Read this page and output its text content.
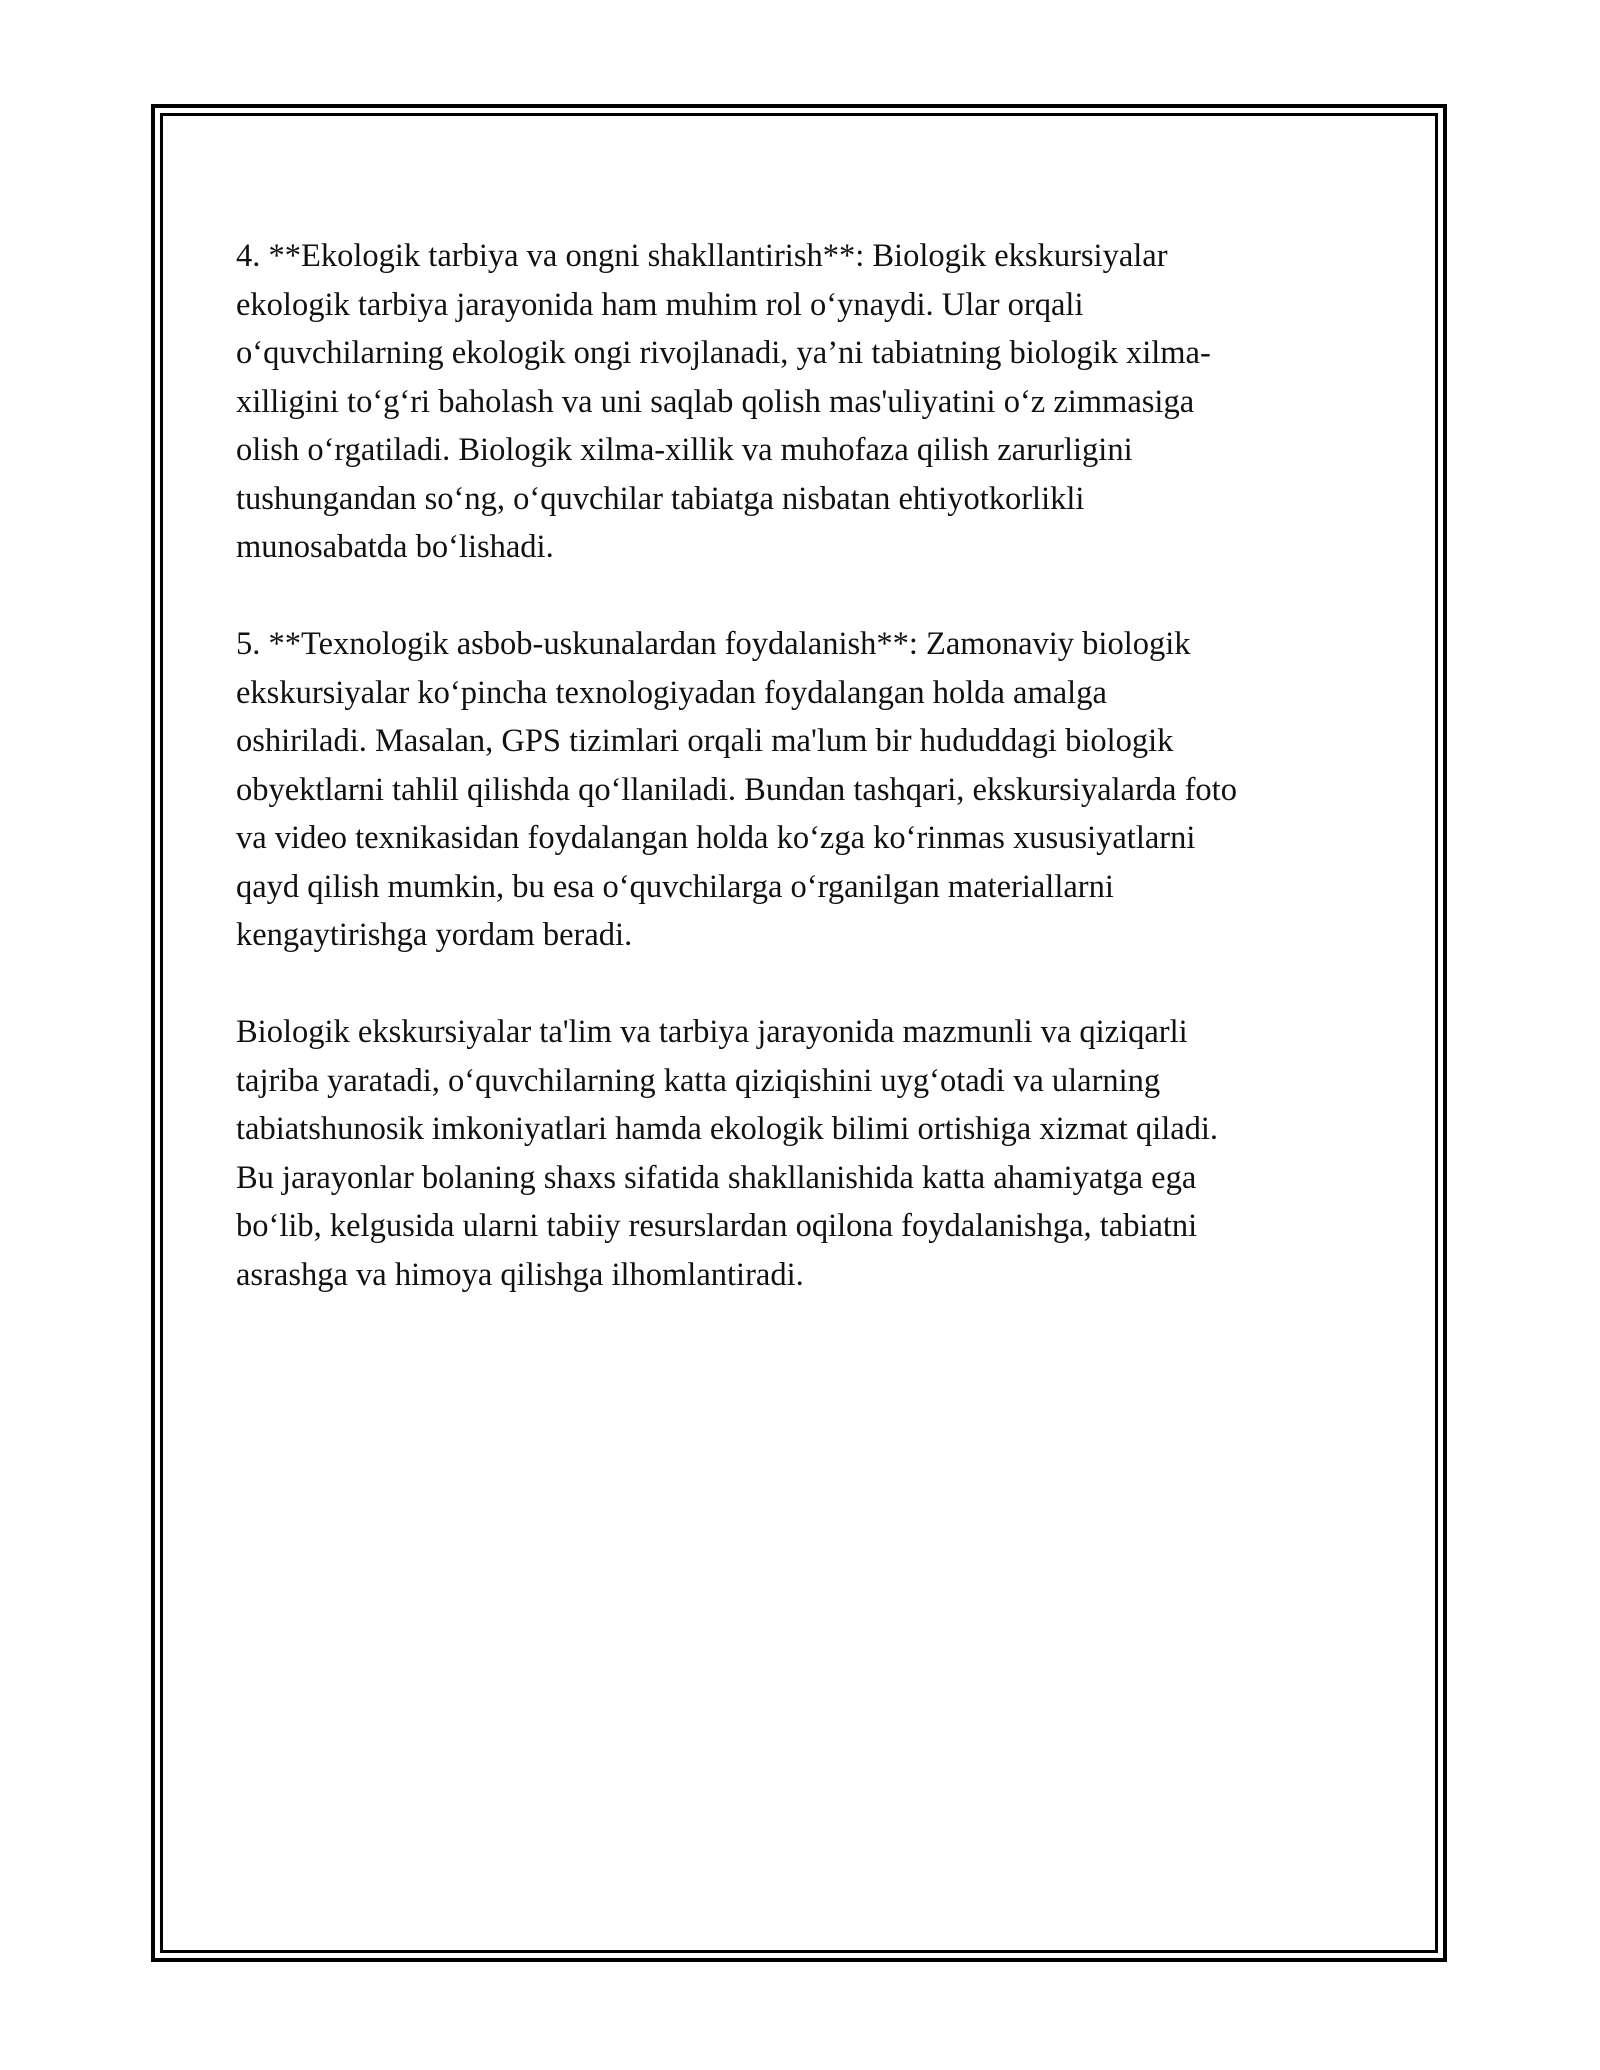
4. **Ekologik tarbiya va ongni shakllantirish**: Biologik ekskursiyalar
ekologik tarbiya jarayonida ham muhim rol o‘ynaydi. Ular orqali
o‘quvchilarning ekologik ongi rivojlanadi, ya’ni tabiatning biologik xilma-
xilligini to‘g‘ri baholash va uni saqlab qolish mas'uliyatini o‘z zimmasiga
olish o‘rgatiladi. Biologik xilma-xillik va muhofaza qilish zarurligini
tushungandan so‘ng, o‘quvchilar tabiatga nisbatan ehtiyotkorlikli
munosabatda bo‘lishadi.

5. **Texnologik asbob-uskunalardan foydalanish**: Zamonaviy biologik
ekskursiyalar ko‘pincha texnologiyadan foydalangan holda amalga
oshiriladi. Masalan, GPS tizimlari orqali ma'lum bir hududdagi biologik
obyektlarni tahlil qilishda qo‘llaniladi. Bundan tashqari, ekskursiyalarda foto
va video texnikasidan foydalangan holda ko‘zga ko‘rinmas xususiyatlarni
qayd qilish mumkin, bu esa o‘quvchilarga o‘rganilgan materiallarni
kengaytirishga yordam beradi.

Biologik ekskursiyalar ta'lim va tarbiya jarayonida mazmunli va qiziqarli
tajriba yaratadi, o‘quvchilarning katta qiziqishini uyg‘otadi va ularning
tabiatshunosik imkoniyatlari hamda ekologik bilimi ortishiga xizmat qiladi.
Bu jarayonlar bolaning shaxs sifatida shakllanishida katta ahamiyatga ega
bo‘lib, kelgusida ularni tabiiy resurslardan oqilona foydalanishga, tabiatni
asrashga va himoya qilishga ilhomlantiradi.
